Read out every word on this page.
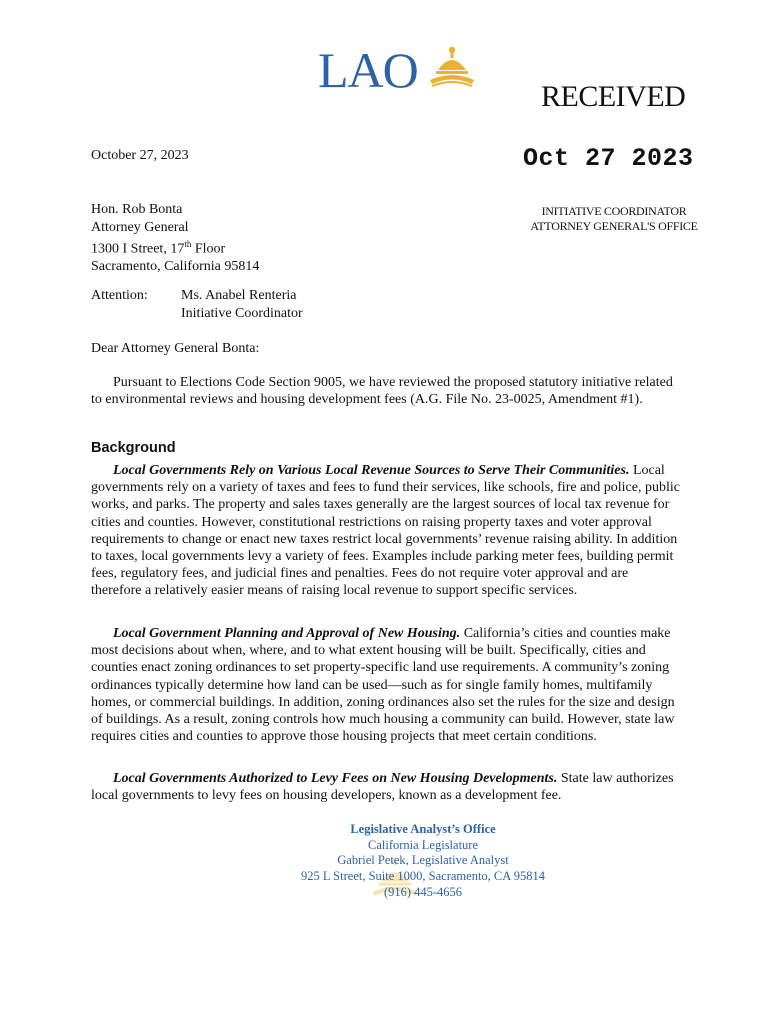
LAO	RECEIVED
Oct 27 2023
INITIATIVE COORDINATOR
ATTORNEY GENERAL'S OFFICE
October 27, 2023
Hon. Rob Bonta
Attorney General
1300 I Street, 17th Floor
Sacramento, California 95814
Attention: Ms. Anabel Renteria
Initiative Coordinator
Dear Attorney General Bonta:
Pursuant to Elections Code Section 9005, we have reviewed the proposed statutory initiative related to environmental reviews and housing development fees (A.G. File No. 23-0025, Amendment #1).
Background
Local Governments Rely on Various Local Revenue Sources to Serve Their Communities. Local governments rely on a variety of taxes and fees to fund their services, like schools, fire and police, public works, and parks. The property and sales taxes generally are the largest sources of local tax revenue for cities and counties. However, constitutional restrictions on raising property taxes and voter approval requirements to change or enact new taxes restrict local governments’ revenue raising ability. In addition to taxes, local governments levy a variety of fees. Examples include parking meter fees, building permit fees, regulatory fees, and judicial fines and penalties. Fees do not require voter approval and are therefore a relatively easier means of raising local revenue to support specific services.
Local Government Planning and Approval of New Housing. California’s cities and counties make most decisions about when, where, and to what extent housing will be built. Specifically, cities and counties enact zoning ordinances to set property-specific land use requirements. A community’s zoning ordinances typically determine how land can be used—such as for single family homes, multifamily homes, or commercial buildings. In addition, zoning ordinances also set the rules for the size and design of buildings. As a result, zoning controls how much housing a community can build. However, state law requires cities and counties to approve those housing projects that meet certain conditions.
Local Governments Authorized to Levy Fees on New Housing Developments. State law authorizes local governments to levy fees on housing developers, known as a development fee.
Legislative Analyst’s Office
California Legislature
Gabriel Petek, Legislative Analyst
925 L Street, Suite 1000, Sacramento, CA 95814
(916) 445-4656
